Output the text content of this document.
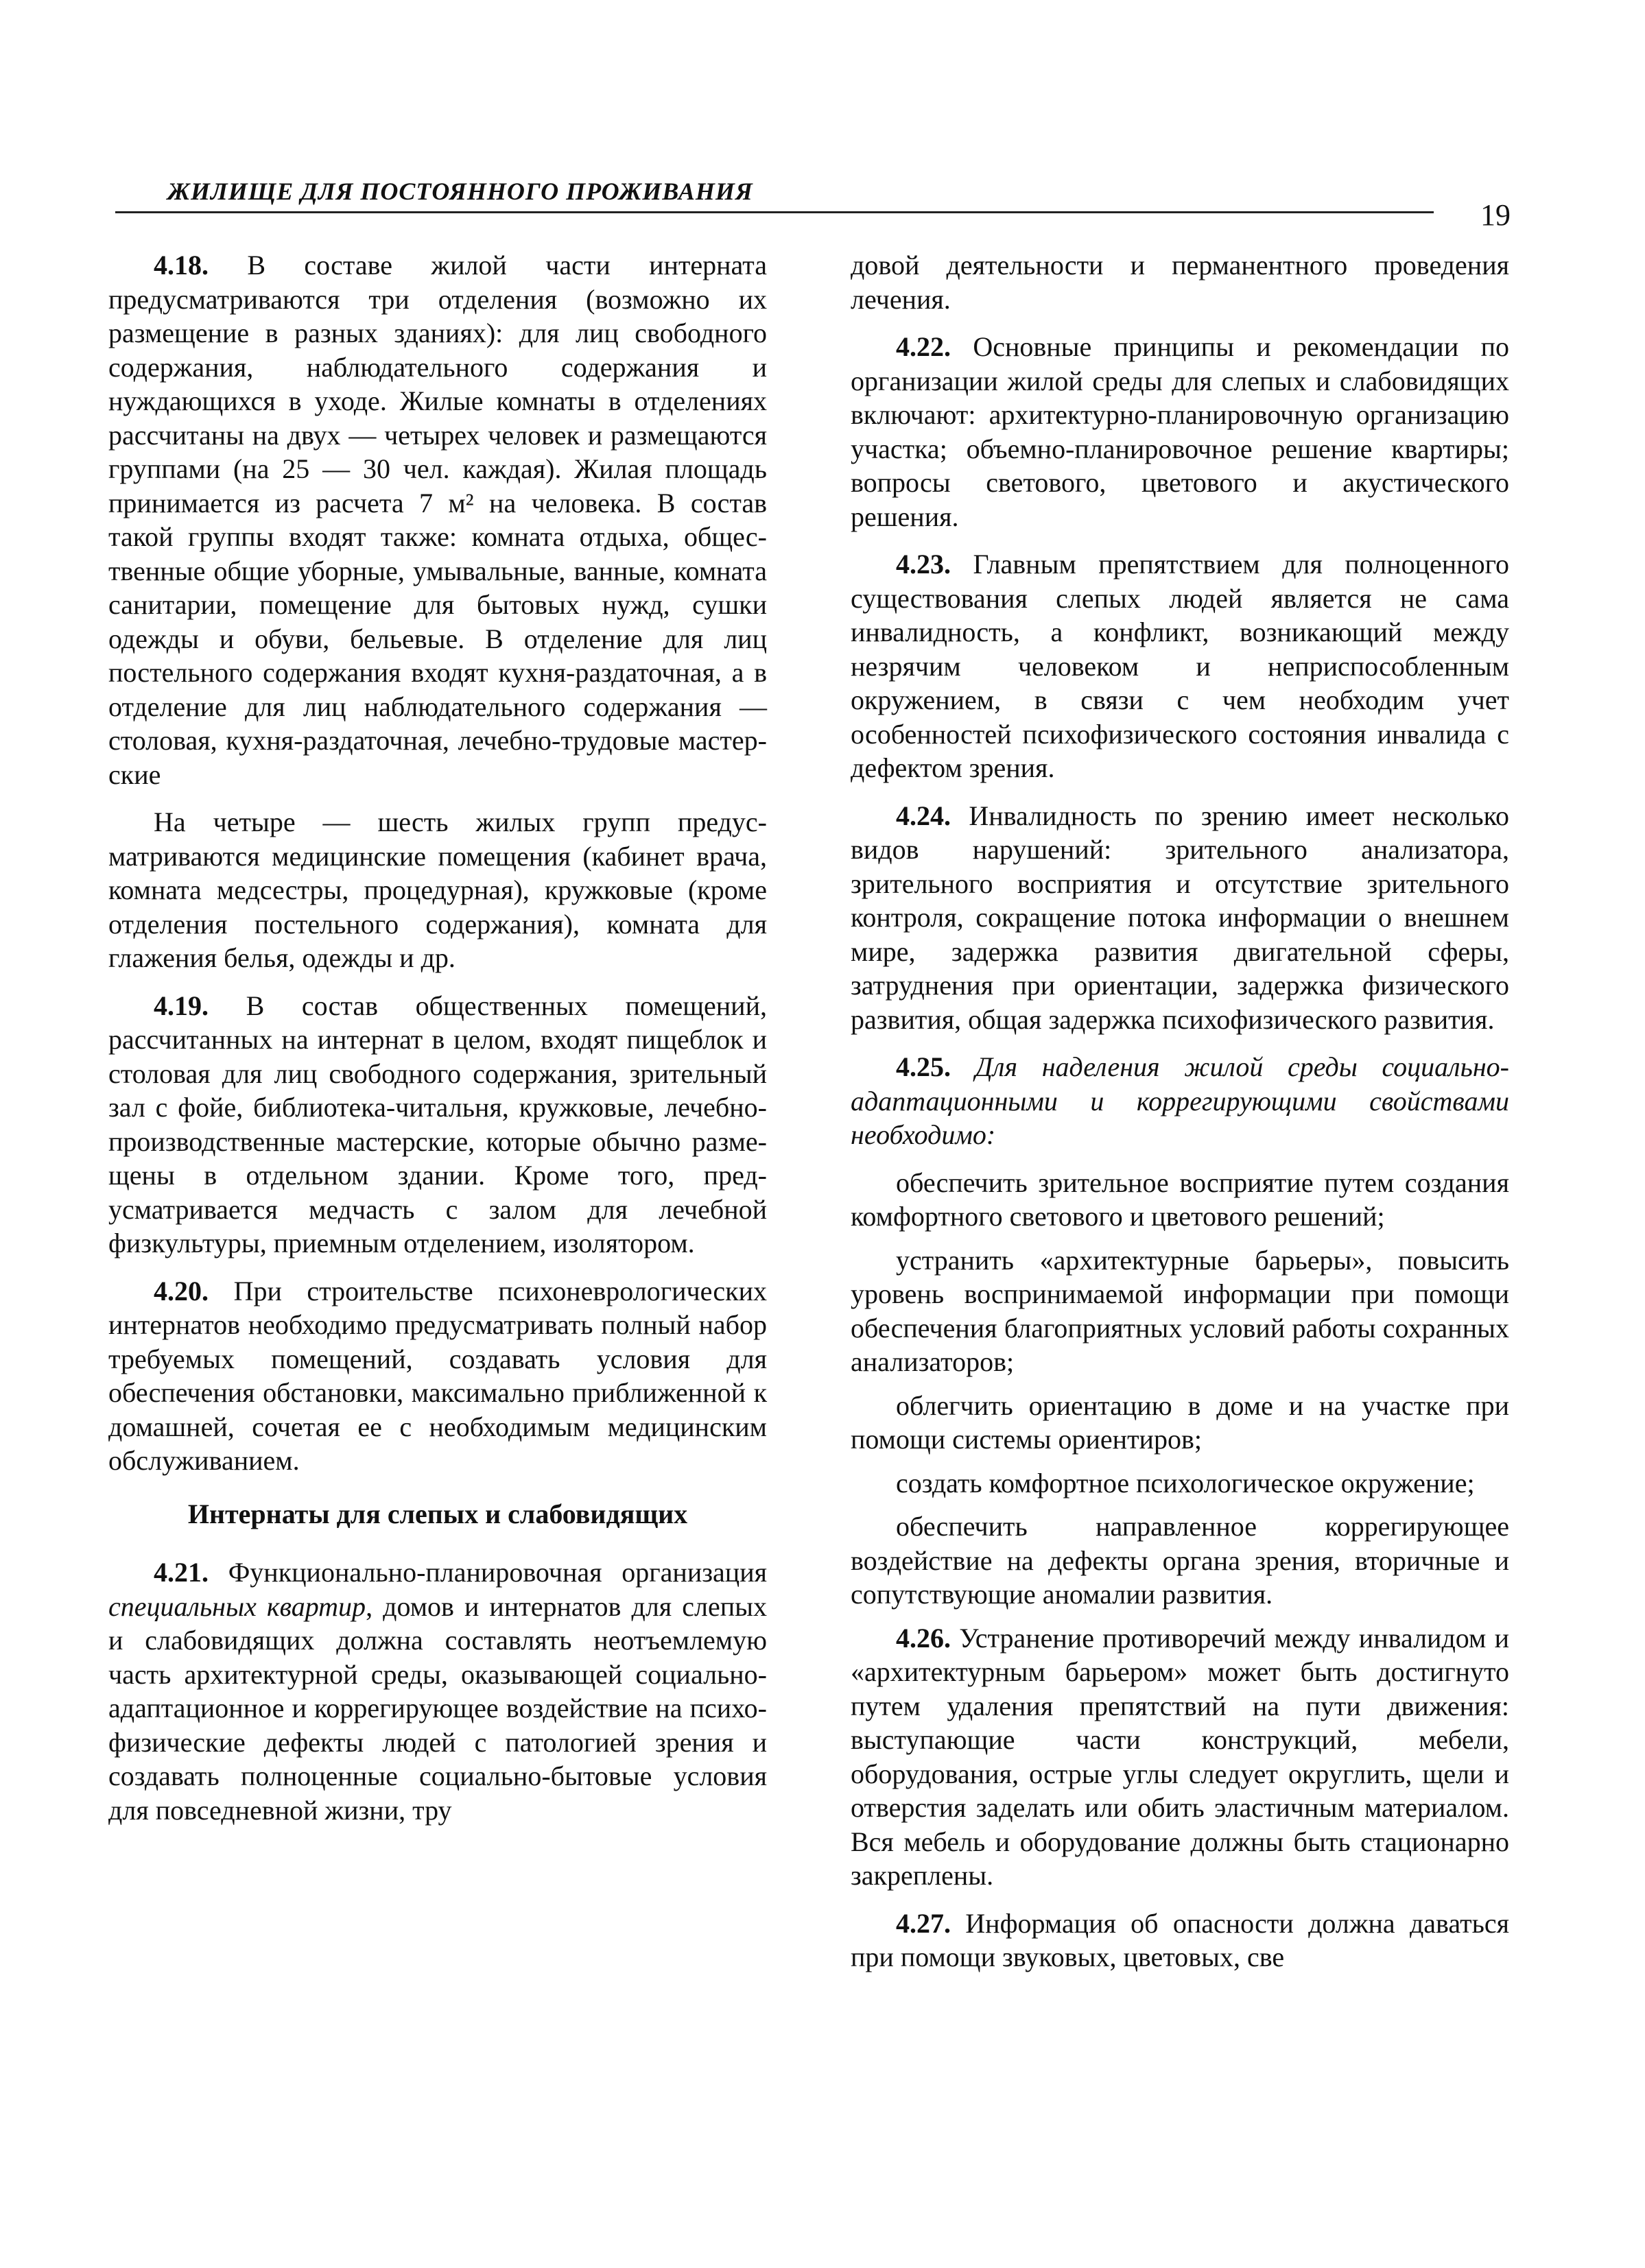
ЖИЛИЩЕ ДЛЯ ПОСТОЯННОГО ПРОЖИВАНИЯ
19

4.18. В составе жилой части интерната предусматриваются три отделения (возможно их размещение в разных зданиях): для лиц свободного содержания, наблюдательного содержания и нуждающихся в уходе. Жилые комнаты в отделениях рассчитаны на двух — четырех человек и размещаются группами (на 25 — 30 чел. каждая). Жилая площадь принимается из расчета 7 м² на человека. В состав такой группы входят также: комната отдыха, общественные общие уборные, умывальные, ванные, комната санитарии, помещение для бытовых нужд, сушки одежды и обуви, бельевые. В отделение для лиц постельного содержания входят кухня-раздаточная, а в отделение для лиц наблюдательного содержания — столовая, кухня-раздаточная, лечебно-трудовые мастерские

На четыре — шесть жилых групп предусматриваются медицинские помещения (кабинет врача, комната медсестры, процедурная), кружковые (кроме отделения постельного содержания), комната для глажения белья, одежды и др.

4.19. В состав общественных помещений, рассчитанных на интернат в целом, входят пищеблок и столовая для лиц свободного содержания, зрительный зал с фойе, библиотека-читальня, кружковые, лечебно-производственные мастерские, которые обычно размещены в отдельном здании. Кроме того, предусматривается медчасть с залом для лечебной физкультуры, приемным отделением, изолятором.

4.20. При строительстве психоневрологических интернатов необходимо предусматривать полный набор требуемых помещений, создавать условия для обеспечения обстановки, максимально приближенной к домашней, сочетая ее с необходимым медицинским обслуживанием.

Интернаты для слепых и слабовидящих

4.21. Функционально-планировочная организация специальных квартир, домов и интернатов для слепых и слабовидящих должна составлять неотъемлемую часть архитектурной среды, оказывающей социально-адаптационное и коррегирующее воздействие на психофизические дефекты людей с патологией зрения и создавать полноценные социально-бытовые условия для повседневной жизни, тру

довой деятельности и перманентного проведения лечения.

4.22. Основные принципы и рекомендации по организации жилой среды для слепых и слабовидящих включают: архитектурно-планировочную организацию участка; объемно-планировочное решение квартиры; вопросы светового, цветового и акустического решения.

4.23. Главным препятствием для полноценного существования слепых людей является не сама инвалидность, а конфликт, возникающий между незрячим человеком и неприспособленным окружением, в связи с чем необходим учет особенностей психофизического состояния инвалида с дефектом зрения.

4.24. Инвалидность по зрению имеет несколько видов нарушений: зрительного анализатора, зрительного восприятия и отсутствие зрительного контроля, сокращение потока информации о внешнем мире, задержка развития двигательной сферы, затруднения при ориентации, задержка физического развития, общая задержка психофизического развития.

4.25. Для наделения жилой среды социально-адаптационными и коррегирующими свойствами необходимо:

обеспечить зрительное восприятие путем создания комфортного светового и цветового решений;

устранить «архитектурные барьеры», повысить уровень воспринимаемой информации при помощи обеспечения благоприятных условий работы сохранных анализаторов;

облегчить ориентацию в доме и на участке при помощи системы ориентиров;

создать комфортное психологическое окружение;

обеспечить направленное коррегирующее воздействие на дефекты органа зрения, вторичные и сопутствующие аномалии развития.

4.26. Устранение противоречий между инвалидом и «архитектурным барьером» может быть достигнуто путем удаления препятствий на пути движения: выступающие части конструкций, мебели, оборудования, острые углы следует округлить, щели и отверстия заделать или обить эластичным материалом. Вся мебель и оборудование должны быть стационарно закреплены.

4.27. Информация об опасности должна даваться при помощи звуковых, цветовых, све
